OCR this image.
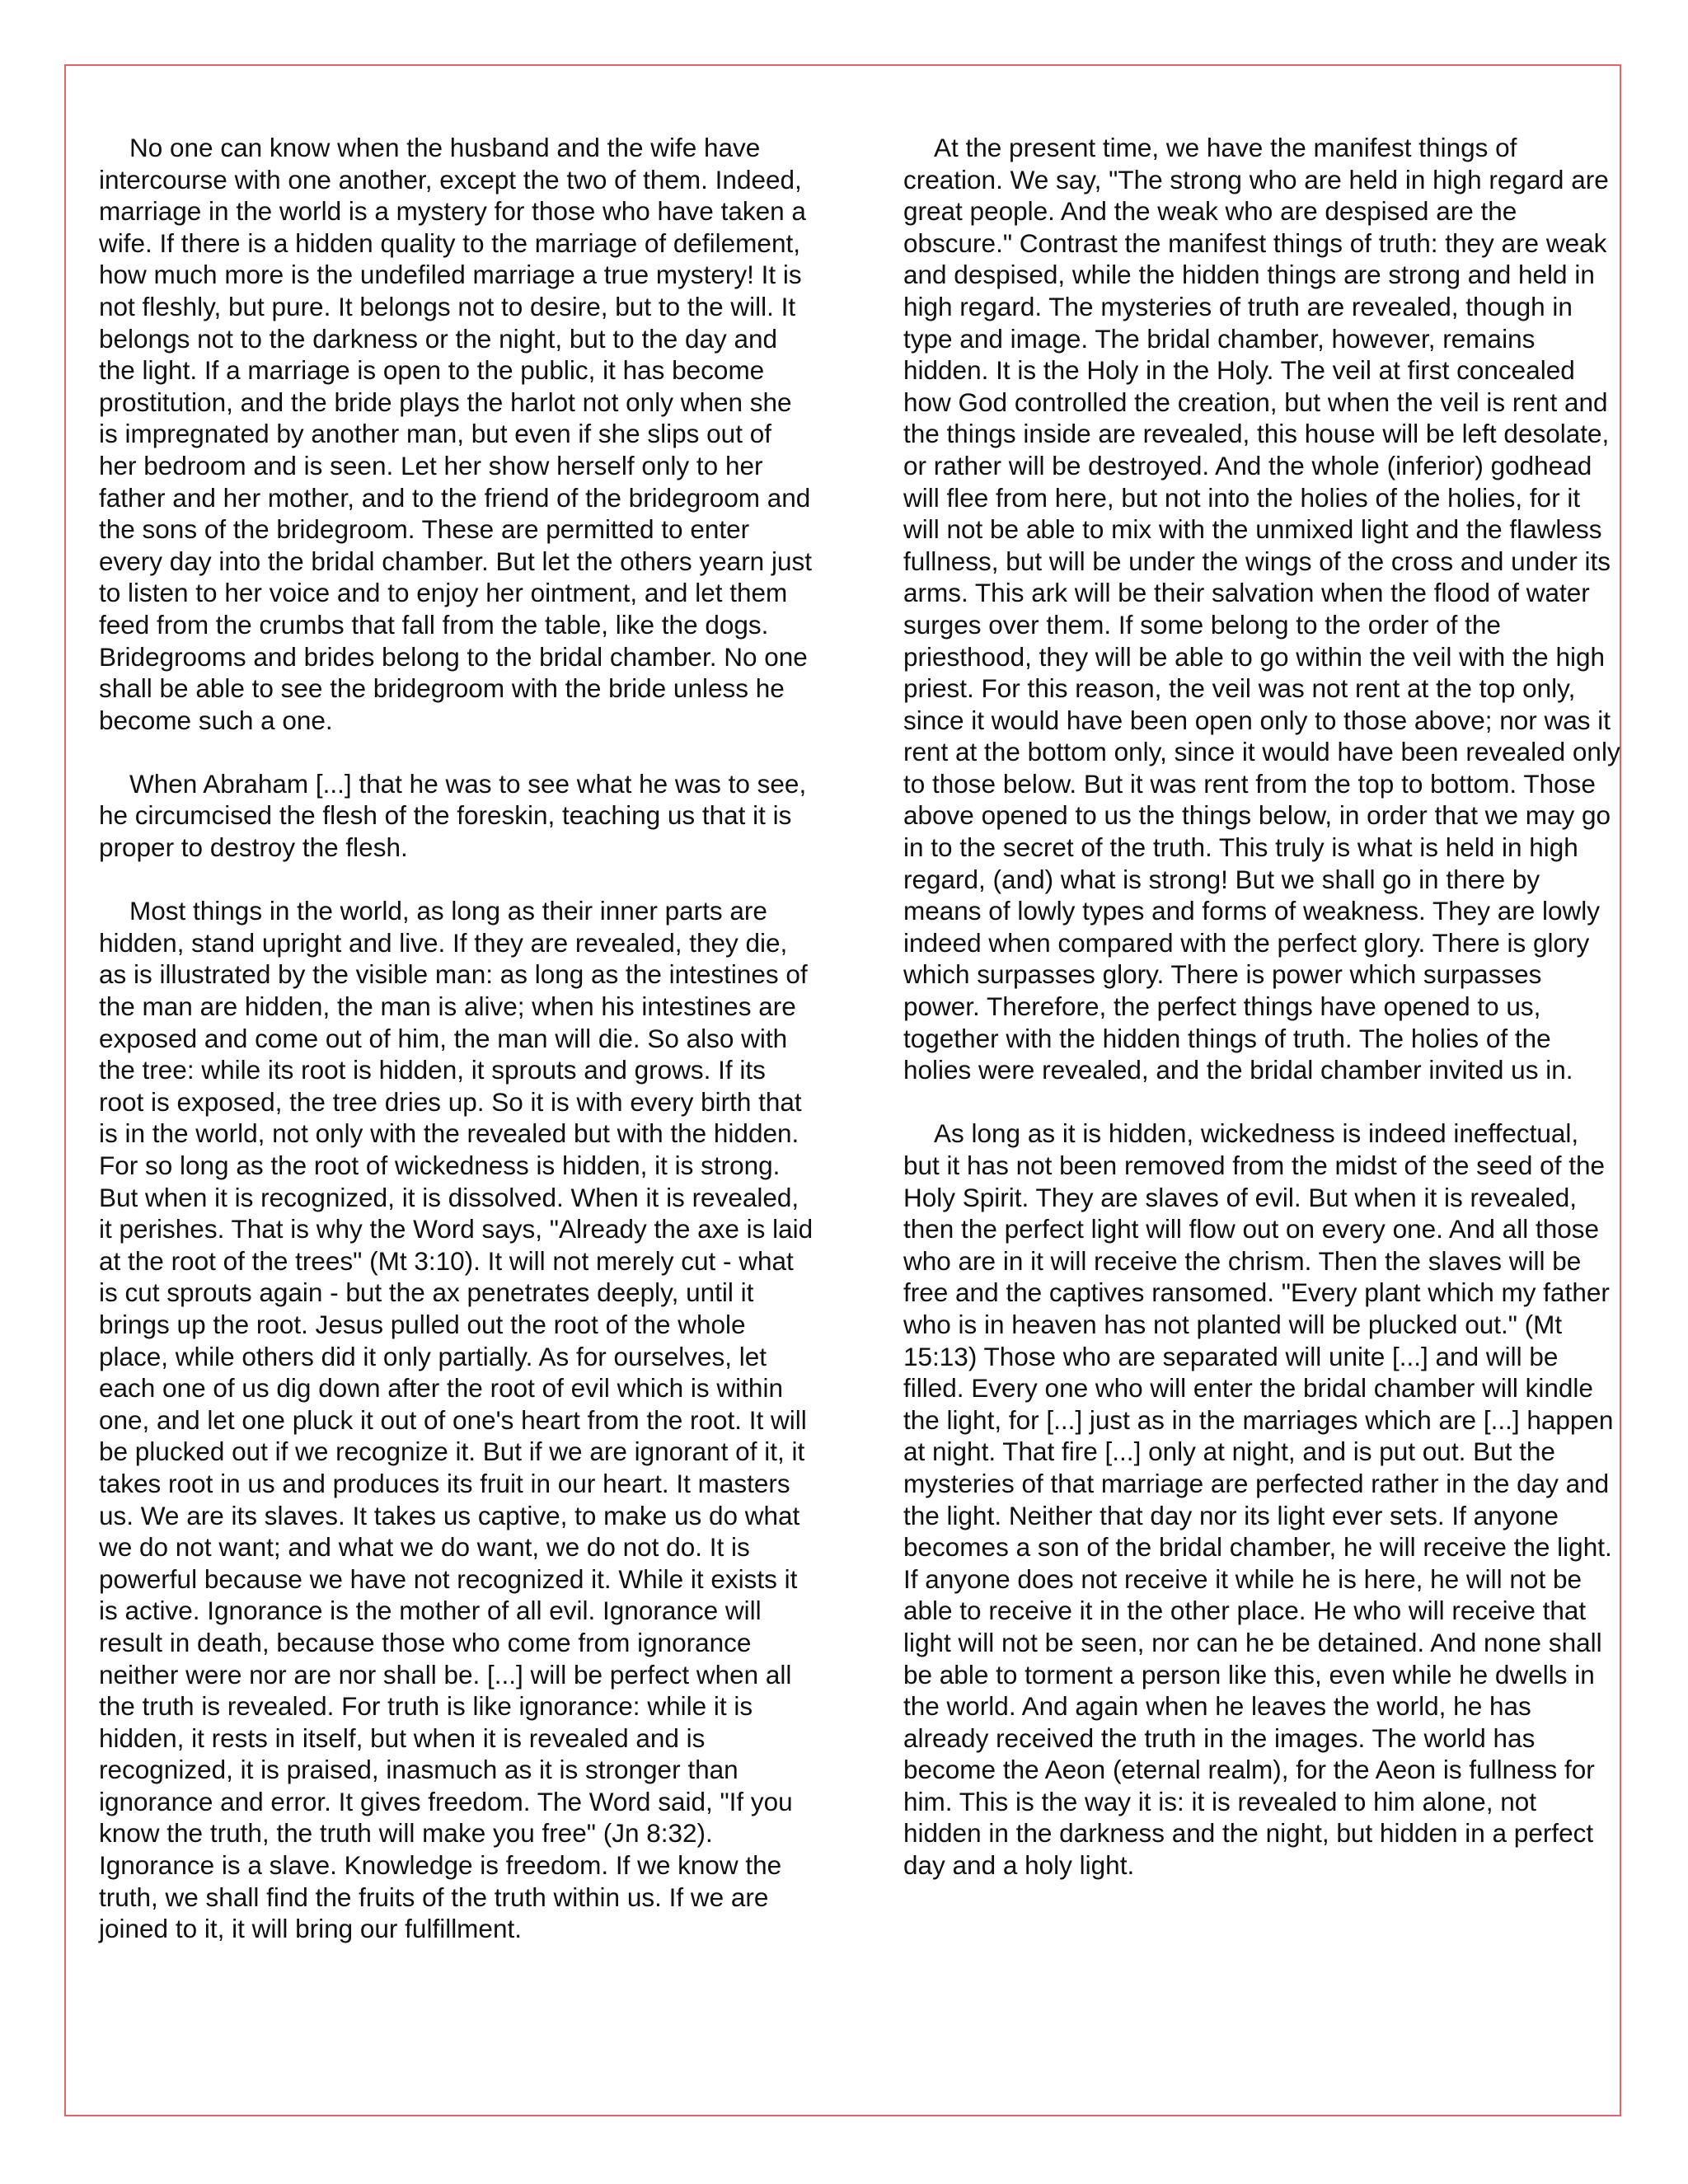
No one can know when the husband and the wife have intercourse with one another, except the two of them. Indeed, marriage in the world is a mystery for those who have taken a wife. If there is a hidden quality to the marriage of defilement, how much more is the undefiled marriage a true mystery! It is not fleshly, but pure. It belongs not to desire, but to the will. It belongs not to the darkness or the night, but to the day and the light. If a marriage is open to the public, it has become prostitution, and the bride plays the harlot not only when she is impregnated by another man, but even if she slips out of her bedroom and is seen. Let her show herself only to her father and her mother, and to the friend of the bridegroom and the sons of the bridegroom. These are permitted to enter every day into the bridal chamber. But let the others yearn just to listen to her voice and to enjoy her ointment, and let them feed from the crumbs that fall from the table, like the dogs. Bridegrooms and brides belong to the bridal chamber. No one shall be able to see the bridegroom with the bride unless he become such a one.

When Abraham [...] that he was to see what he was to see, he circumcised the flesh of the foreskin, teaching us that it is proper to destroy the flesh.

Most things in the world, as long as their inner parts are hidden, stand upright and live. If they are revealed, they die, as is illustrated by the visible man: as long as the intestines of the man are hidden, the man is alive; when his intestines are exposed and come out of him, the man will die. So also with the tree: while its root is hidden, it sprouts and grows. If its root is exposed, the tree dries up. So it is with every birth that is in the world, not only with the revealed but with the hidden. For so long as the root of wickedness is hidden, it is strong. But when it is recognized, it is dissolved. When it is revealed, it perishes. That is why the Word says, "Already the axe is laid at the root of the trees" (Mt 3:10). It will not merely cut - what is cut sprouts again - but the ax penetrates deeply, until it brings up the root. Jesus pulled out the root of the whole place, while others did it only partially. As for ourselves, let each one of us dig down after the root of evil which is within one, and let one pluck it out of one's heart from the root. It will be plucked out if we recognize it. But if we are ignorant of it, it takes root in us and produces its fruit in our heart. It masters us. We are its slaves. It takes us captive, to make us do what we do not want; and what we do want, we do not do. It is powerful because we have not recognized it. While it exists it is active. Ignorance is the mother of all evil. Ignorance will result in death, because those who come from ignorance neither were nor are nor shall be. [...] will be perfect when all the truth is revealed. For truth is like ignorance: while it is hidden, it rests in itself, but when it is revealed and is recognized, it is praised, inasmuch as it is stronger than ignorance and error. It gives freedom. The Word said, "If you know the truth, the truth will make you free" (Jn 8:32). Ignorance is a slave. Knowledge is freedom. If we know the truth, we shall find the fruits of the truth within us. If we are joined to it, it will bring our fulfillment.

At the present time, we have the manifest things of creation. We say, "The strong who are held in high regard are great people. And the weak who are despised are the obscure." Contrast the manifest things of truth: they are weak and despised, while the hidden things are strong and held in high regard. The mysteries of truth are revealed, though in type and image. The bridal chamber, however, remains hidden. It is the Holy in the Holy. The veil at first concealed how God controlled the creation, but when the veil is rent and the things inside are revealed, this house will be left desolate, or rather will be destroyed. And the whole (inferior) godhead will flee from here, but not into the holies of the holies, for it will not be able to mix with the unmixed light and the flawless fullness, but will be under the wings of the cross and under its arms. This ark will be their salvation when the flood of water surges over them. If some belong to the order of the priesthood, they will be able to go within the veil with the high priest. For this reason, the veil was not rent at the top only, since it would have been open only to those above; nor was it rent at the bottom only, since it would have been revealed only to those below. But it was rent from the top to bottom. Those above opened to us the things below, in order that we may go in to the secret of the truth. This truly is what is held in high regard, (and) what is strong! But we shall go in there by means of lowly types and forms of weakness. They are lowly indeed when compared with the perfect glory. There is glory which surpasses glory. There is power which surpasses power. Therefore, the perfect things have opened to us, together with the hidden things of truth. The holies of the holies were revealed, and the bridal chamber invited us in.

As long as it is hidden, wickedness is indeed ineffectual, but it has not been removed from the midst of the seed of the Holy Spirit. They are slaves of evil. But when it is revealed, then the perfect light will flow out on every one. And all those who are in it will receive the chrism. Then the slaves will be free and the captives ransomed. "Every plant which my father who is in heaven has not planted will be plucked out." (Mt 15:13) Those who are separated will unite [...] and will be filled. Every one who will enter the bridal chamber will kindle the light, for [...] just as in the marriages which are [...] happen at night. That fire [...] only at night, and is put out. But the mysteries of that marriage are perfected rather in the day and the light. Neither that day nor its light ever sets. If anyone becomes a son of the bridal chamber, he will receive the light. If anyone does not receive it while he is here, he will not be able to receive it in the other place. He who will receive that light will not be seen, nor can he be detained. And none shall be able to torment a person like this, even while he dwells in the world. And again when he leaves the world, he has already received the truth in the images. The world has become the Aeon (eternal realm), for the Aeon is fullness for him. This is the way it is: it is revealed to him alone, not hidden in the darkness and the night, but hidden in a perfect day and a holy light.
